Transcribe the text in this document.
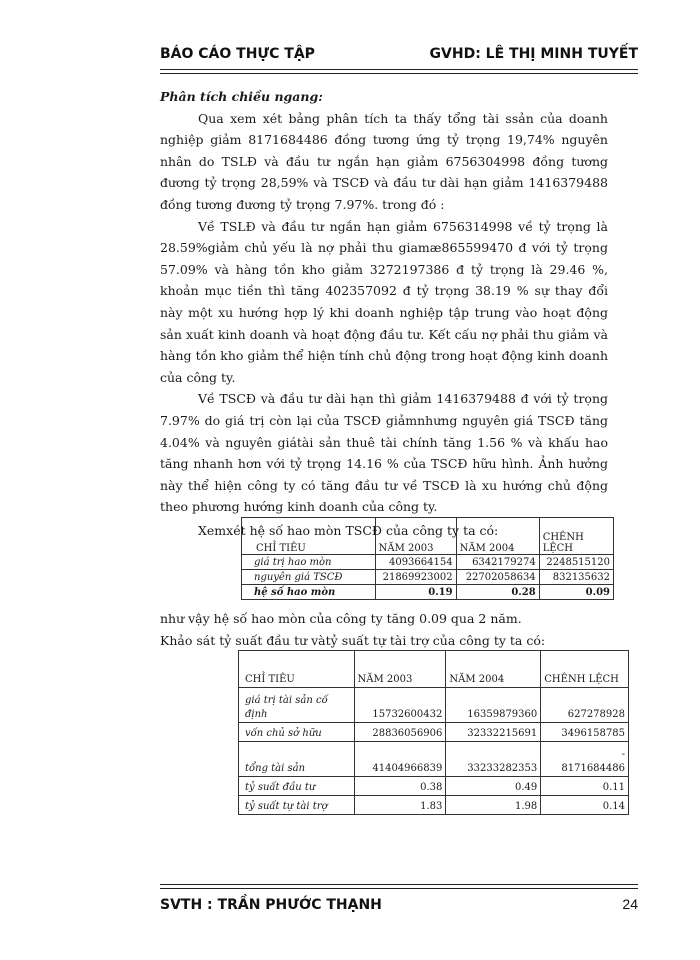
BÁO CÁO THỰC TẬP	GVHD: LÊ THỊ MINH TUYẾT

Phân tích chiều ngang:

Qua xem xét bảng phân tích ta thấy tổng tài ssản của doanh nghiệp giảm 8171684486 đồng tương ứng tỷ trọng 19,74% nguyên nhân do TSLĐ và đầu tư ngắn hạn giảm 6756304998 đồng tương đương tỷ trọng 28,59% và TSCĐ và đầu tư dài hạn giảm 1416379488 đồng tương đương tỷ trọng 7.97%. trong đó :

Về TSLĐ và đầu tư ngắn hạn giảm 6756314998 về tỷ trọng là 28.59%giảm chủ yếu là nợ phải thu giamæ865599470 đ với tỷ trọng 57.09% và hàng tồn kho giảm 3272197386 đ tỷ trọng là 29.46 %, khoản mục tiền thì tăng 402357092 đ tỷ trọng 38.19 % sự thay đổi này một xu hướng hợp lý khi doanh nghiệp tập trung vào hoạt động sản xuất kinh doanh và hoạt động đầu tư. Kết cấu nợ phải thu giảm và hàng tồn kho giảm thể hiện tính chủ động trong hoạt động kinh doanh của công ty.

Về TSCĐ và đầu tư dài hạn thì giảm 1416379488 đ với tỷ trọng 7.97% do giá trị còn lại của TSCĐ giảmnhưng nguyên giá TSCĐ tăng 4.04% và nguyên giátài sản thuê tài chính tăng 1.56 % và khấu hao tăng nhanh hơn với tỷ trọng 14.16 % của TSCĐ hữu hình. Ảnh hưởng này thể hiện công ty có tăng đầu tư về TSCĐ là xu hướng chủ động theo phương hướng kinh doanh của công ty.

Xemxét hệ số hao mòn TSCĐ của công ty ta có:

CHỈ TIÊU	NĂM 2003	NĂM 2004	CHÊNH LỆCH
giá trị hao mòn	4093664154	6342179274	2248515120
nguyên giá TSCĐ	21869923002	22702058634	832135632
hệ số hao mòn	0.19	0.28	0.09
như vậy hệ số hao mòn của công ty tăng 0.09 qua 2 năm.
Khảo sát tỷ suất đầu tư vàtỷ suất tự tài trợ của công ty ta có:
CHỈ TIÊU	NĂM 2003	NĂM 2004	CHÊNH LỆCH
giá trị tài sản cố định	15732600432	16359879360	627278928
vốn chủ sở hữu	28836056906	32332215691	3496158785
tổng tài sản	41404966839	33233282353	-
8171684486

tỷ suất đầu tư	0.38	0.49	0.11
tỷ suất tự tài trợ	1.83	1.98	0.14
SVTH : TRẦN PHƯỚC THẠNH	24
